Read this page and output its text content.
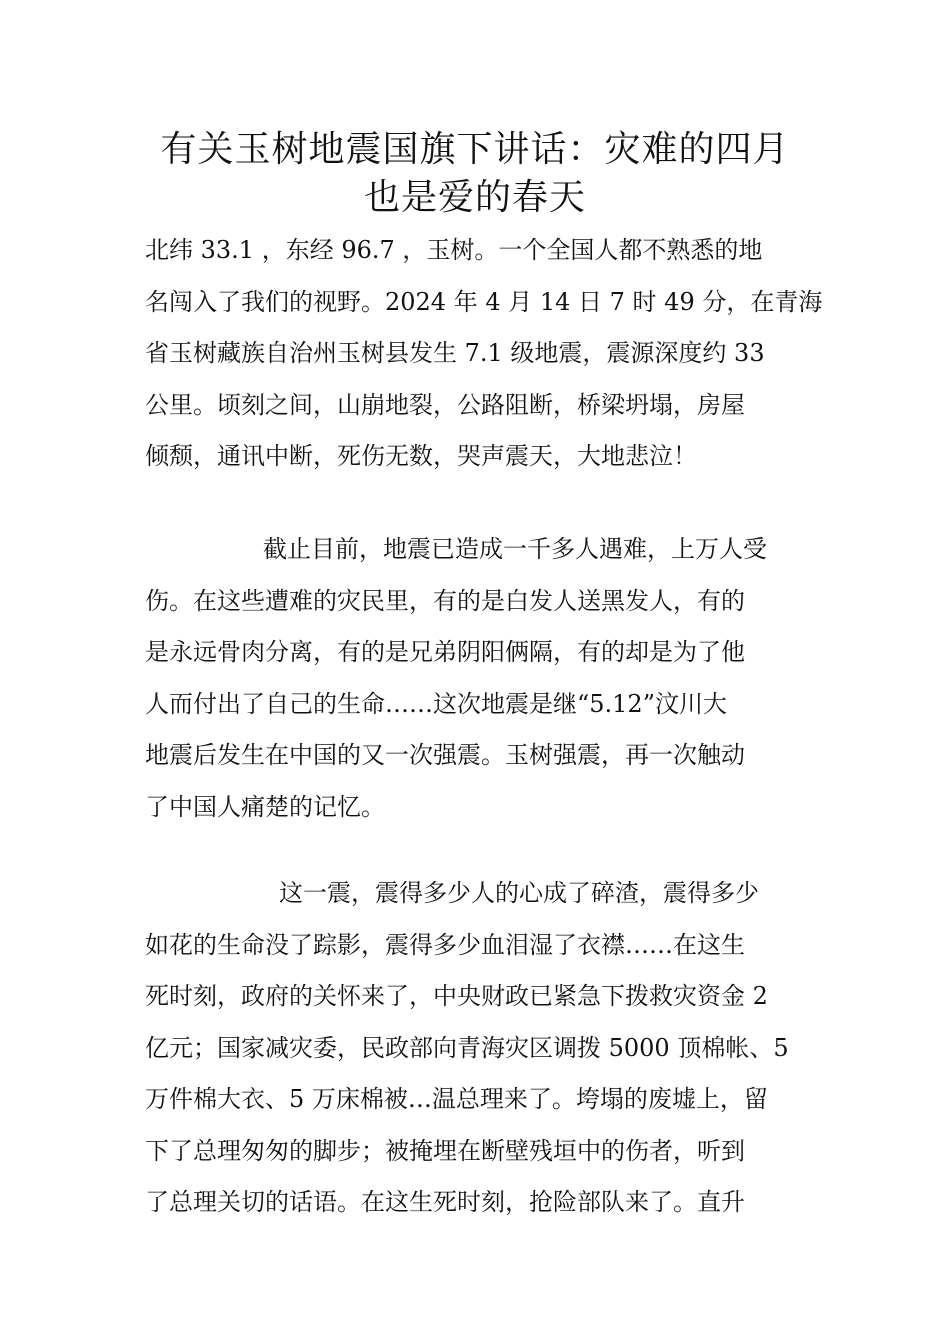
有关玉树地震国旗下讲话：灾难的四月
也是爱的春天
北纬 33.1 ，东经 96.7 ，玉树。一个全国人都不熟悉的地
名闯入了我们的视野。2024 年 4 月 14 日 7 时 49 分，在青海
省玉树藏族自治州玉树县发生 7.1 级地震，震源深度约 33
公里。顷刻之间，山崩地裂，公路阻断，桥梁坍塌，房屋
倾颓，通讯中断，死伤无数，哭声震天，大地悲泣！
截止目前，地震已造成一千多人遇难，上万人受
伤。在这些遭难的灾民里，有的是白发人送黑发人，有的
是永远骨肉分离，有的是兄弟阴阳俩隔，有的却是为了他
人而付出了自己的生命……这次地震是继“5.12”汶川大
地震后发生在中国的又一次强震。玉树强震，再一次触动
了中国人痛楚的记忆。
这一震，震得多少人的心成了碎渣，震得多少
如花的生命没了踪影，震得多少血泪湿了衣襟……在这生
死时刻，政府的关怀来了，中央财政已紧急下拨救灾资金 2
亿元；国家减灾委，民政部向青海灾区调拨 5000 顶棉帐、5
万件棉大衣、5 万床棉被…温总理来了。垮塌的废墟上，留
下了总理匆匆的脚步；被掩埋在断壁残垣中的伤者，听到
了总理关切的话语。在这生死时刻，抢险部队来了。直升
